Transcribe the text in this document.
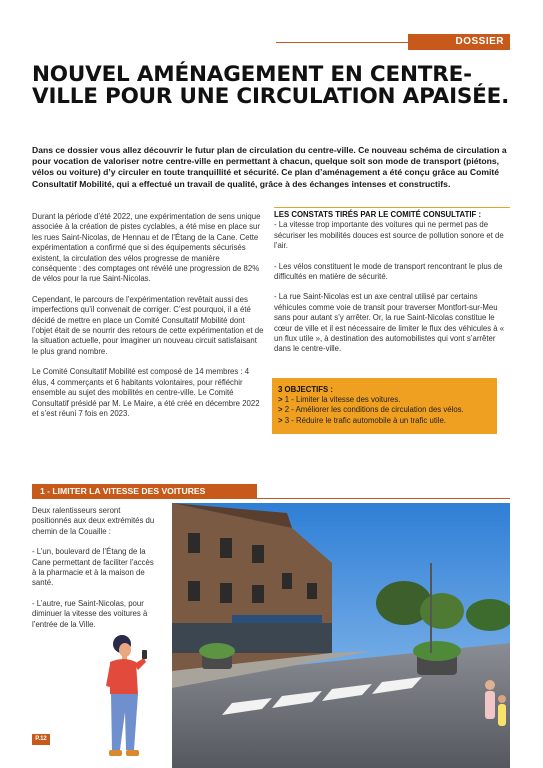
DOSSIER
NOUVEL AMÉNAGEMENT EN CENTRE-VILLE POUR UNE CIRCULATION APAISÉE.

Dans ce dossier vous allez découvrir le futur plan de circulation du centre-ville. Ce nouveau schéma de circulation a pour vocation de valoriser notre centre-ville en permettant à chacun, quelque soit son mode de transport (piétons, vélos ou voiture) d’y circuler en toute tranquillité et sécurité. Ce plan d’aménagement a été conçu grâce au Comité Consultatif Mobilité, qui a effectué un travail de qualité, grâce à des échanges intenses et constructifs.

Durant la période d’été 2022, une expérimentation de sens unique associée à la création de pistes cyclables, a été mise en place sur les rues Saint-Nicolas, de Hennau et de l’Étang de la Cane. Cette expérimentation a confirmé que si des équipements sécurisés existent, la circulation des vélos progresse de manière conséquente : des comptages ont révélé une progression de 82% de vélos pour la rue Saint-Nicolas.

Cependant, le parcours de l’expérimentation revêtait aussi des imperfections qu’il convenait de corriger. C’est pourquoi, il a été décidé de mettre en place un Comité Consultatif Mobilité dont l’objet était de se nourrir des retours de cette expérimentation et de la situation actuelle, pour imaginer un nouveau circuit satisfaisant le plus grand nombre.

Le Comité Consultatif Mobilité est composé de 14 membres : 4 élus, 4 commerçants et 6 habitants volontaires, pour réfléchir ensemble au sujet des mobilités en centre-ville. Le Comité Consultatif présidé par M. Le Maire, a été créé en décembre 2022 et s’est réuni 7 fois en 2023.

LES CONSTATS TIRÉS PAR LE COMITÉ CONSULTATIF :

- La vitesse trop importante des voitures qui ne permet pas de sécuriser les mobilités douces est source de pollution sonore et de l’air.

- Les vélos constituent le mode de transport rencontrant le plus de difficultés en matière de sécurité.

- La rue Saint-Nicolas est un axe central utilisé par certains véhicules comme voie de transit pour traverser Montfort-sur-Meu sans pour autant s’y arrêter. Or, la rue Saint-Nicolas constitue le cœur de ville et il est nécessaire de limiter le flux des véhicules à « un flux utile », à destination des automobilistes qui vont s’arrêter dans le centre-ville.

3 OBJECTIFS :
> 1 - Limiter la vitesse des voitures.
> 2 - Améliorer les conditions de circulation des vélos.
> 3 - Réduire le trafic automobile à un trafic utile.
1 - LIMITER LA VITESSE DES VOITURES

Deux ralentisseurs seront positionnés aux deux extrémités du chemin de la Couaille :

- L’un, boulevard de l’Étang de la Cane permettant de faciliter l’accès à la pharmacie et à la maison de santé.

- L’autre, rue Saint-Nicolas, pour diminuer la vitesse des voitures à l’entrée de la Ville.

P.12
